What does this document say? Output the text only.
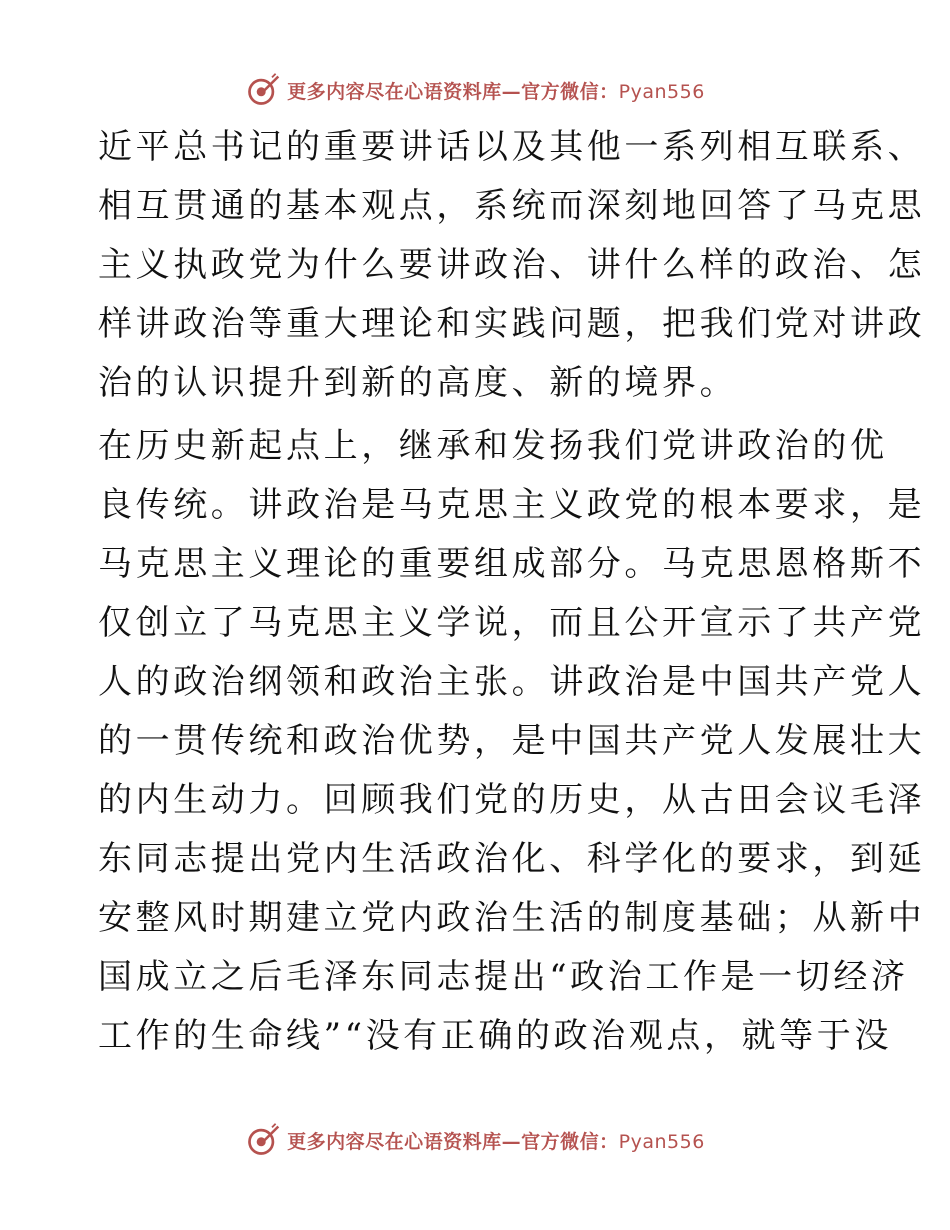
更多内容尽在心语资料库—官方微信：Pyan556
近平总书记的重要讲话以及其他一系列相互联系、
相互贯通的基本观点，系统而深刻地回答了马克思
主义执政党为什么要讲政治、讲什么样的政治、怎
样讲政治等重大理论和实践问题，把我们党对讲政
治的认识提升到新的高度、新的境界。
在历史新起点上，继承和发扬我们党讲政治的优
良传统。讲政治是马克思主义政党的根本要求，是
马克思主义理论的重要组成部分。马克思恩格斯不
仅创立了马克思主义学说，而且公开宣示了共产党
人的政治纲领和政治主张。讲政治是中国共产党人
的一贯传统和政治优势，是中国共产党人发展壮大
的内生动力。回顾我们党的历史，从古田会议毛泽
东同志提出党内生活政治化、科学化的要求，到延
安整风时期建立党内政治生活的制度基础；从新中
国成立之后毛泽东同志提出“政治工作是一切经济
工作的生命线”“没有正确的政治观点，就等于没
更多内容尽在心语资料库—官方微信：Pyan556
